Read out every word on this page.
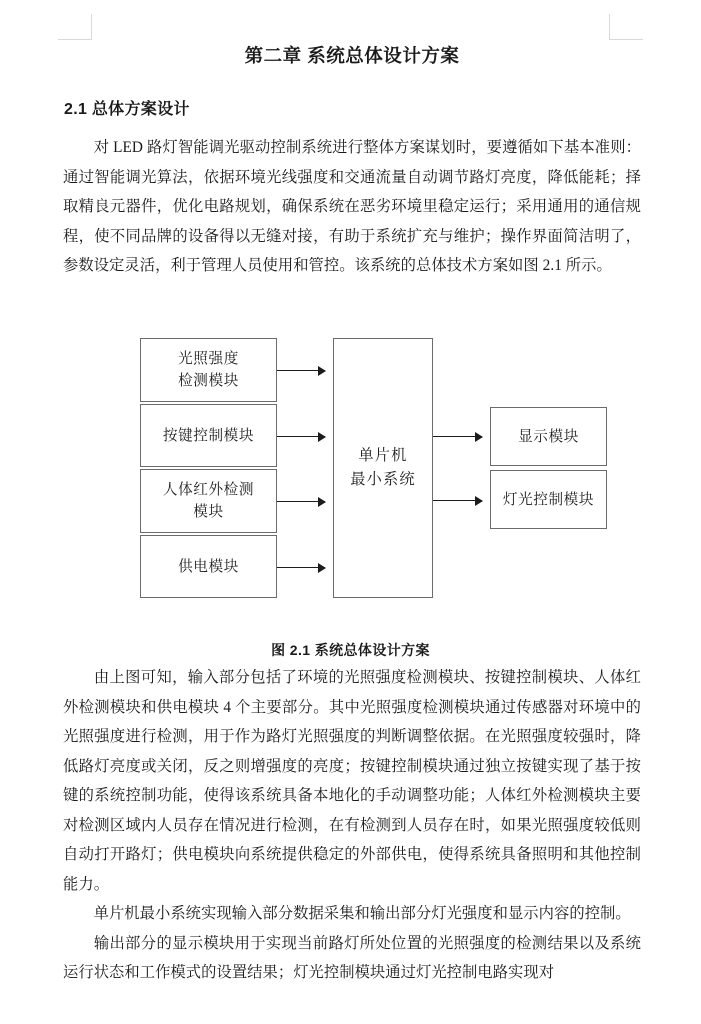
第二章 系统总体设计方案
2.1 总体方案设计

对 LED 路灯智能调光驱动控制系统进行整体方案谋划时，要遵循如下基本准则：通过智能调光算法，依据环境光线强度和交通流量自动调节路灯亮度，降低能耗；择取精良元器件，优化电路规划，确保系统在恶劣环境里稳定运行；采用通用的通信规程，使不同品牌的设备得以无缝对接，有助于系统扩充与维护；操作界面简洁明了，参数设定灵活，利于管理人员使用和管控。该系统的总体技术方案如图 2.1 所示。

光照强度
检测模块
按键控制模块
人体红外检测
模块
供电模块
单片机
最小系统
显示模块
灯光控制模块
图 2.1 系统总体设计方案

由上图可知，输入部分包括了环境的光照强度检测模块、按键控制模块、人体红外检测模块和供电模块 4 个主要部分。其中光照强度检测模块通过传感器对环境中的光照强度进行检测，用于作为路灯光照强度的判断调整依据。在光照强度较强时，降低路灯亮度或关闭，反之则增强度的亮度；按键控制模块通过独立按键实现了基于按键的系统控制功能，使得该系统具备本地化的手动调整功能；人体红外检测模块主要对检测区域内人员存在情况进行检测，在有检测到人员存在时，如果光照强度较低则自动打开路灯；供电模块向系统提供稳定的外部供电，使得系统具备照明和其他控制能力。

单片机最小系统实现输入部分数据采集和输出部分灯光强度和显示内容的控制。

输出部分的显示模块用于实现当前路灯所处位置的光照强度的检测结果以及系统运行状态和工作模式的设置结果；灯光控制模块通过灯光控制电路实现对
